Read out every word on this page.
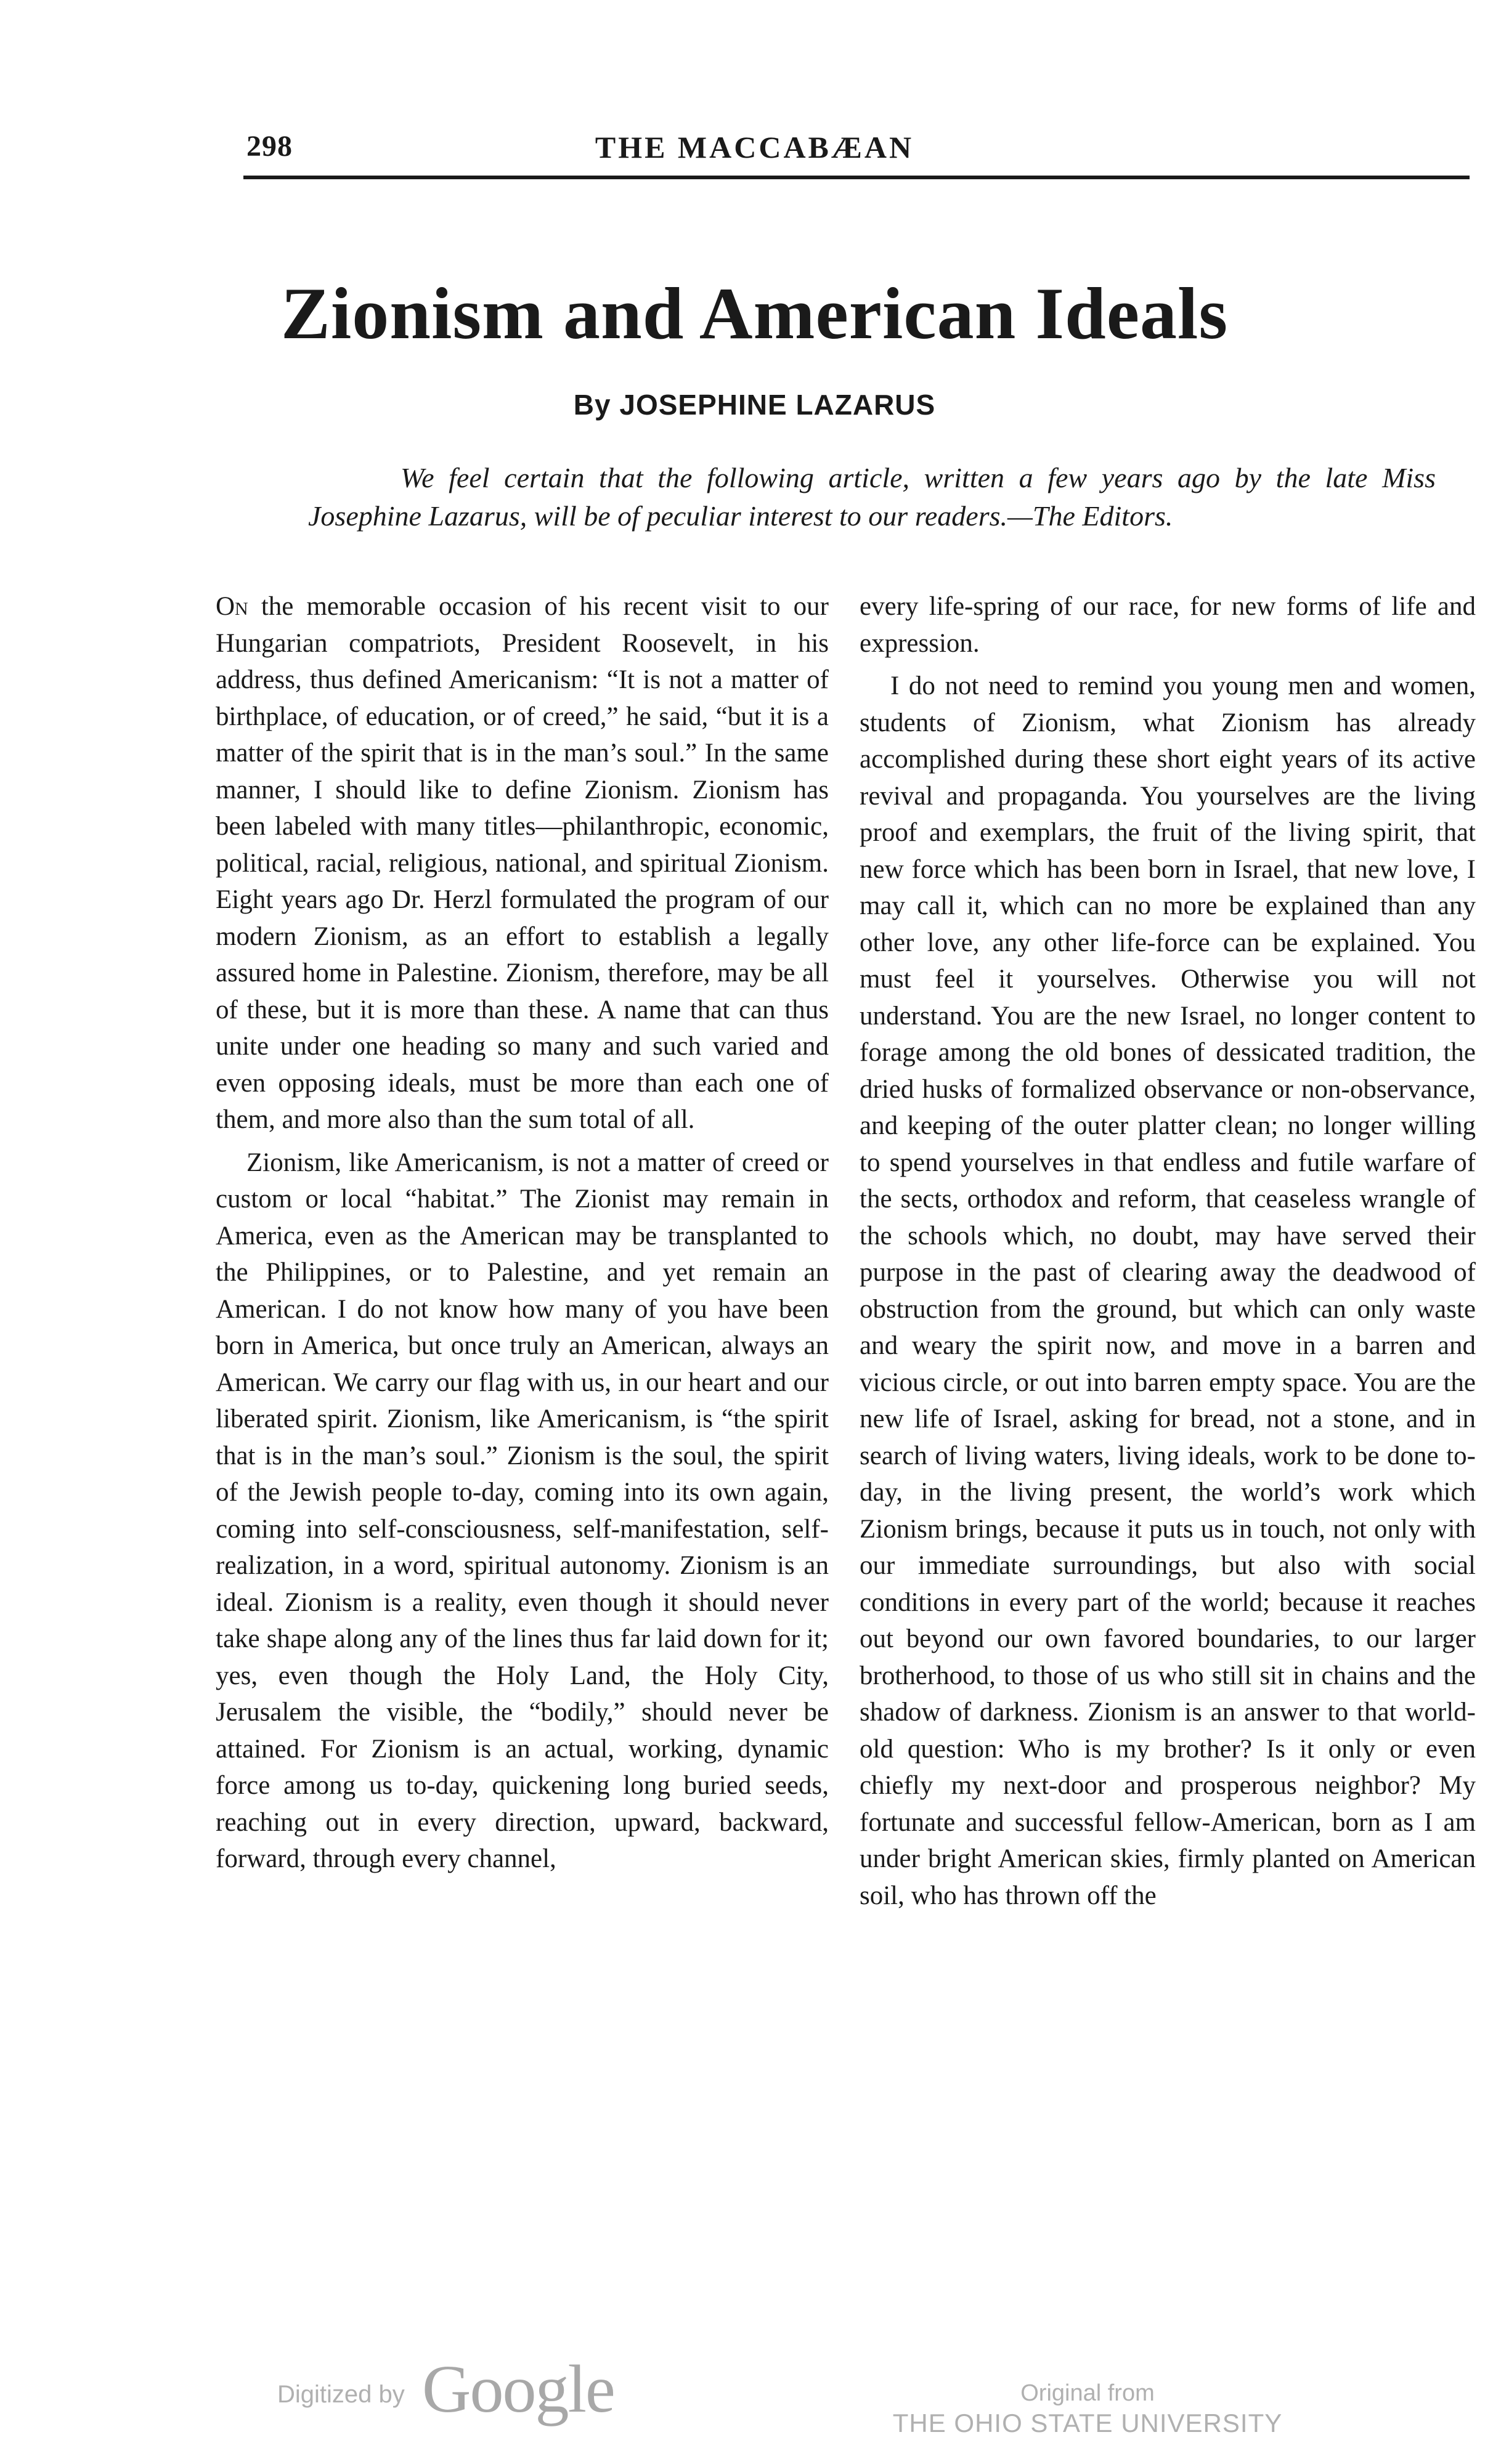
298	THE MACCABÆAN
Zionism and American Ideals
By JOSEPHINE LAZARUS
We feel certain that the following article, written a few years ago by the late Miss Josephine Lazarus, will be of peculiar interest to our readers.—The Editors.

On the memorable occasion of his recent visit to our Hungarian compatriots, President Roosevelt, in his address, thus defined Americanism: “It is not a matter of birthplace, of education, or of creed,” he said, “but it is a matter of the spirit that is in the man’s soul.” In the same manner, I should like to define Zionism. Zionism has been labeled with many titles—philanthropic, economic, political, racial, religious, national, and spiritual Zionism. Eight years ago Dr. Herzl formulated the program of our modern Zionism, as an effort to establish a legally assured home in Palestine. Zionism, therefore, may be all of these, but it is more than these. A name that can thus unite under one heading so many and such varied and even opposing ideals, must be more than each one of them, and more also than the sum total of all.

Zionism, like Americanism, is not a matter of creed or custom or local “habitat.” The Zionist may remain in America, even as the American may be transplanted to the Philippines, or to Palestine, and yet remain an American. I do not know how many of you have been born in America, but once truly an American, always an American. We carry our flag with us, in our heart and our liberated spirit. Zionism, like Americanism, is “the spirit that is in the man’s soul.” Zionism is the soul, the spirit of the Jewish people to-day, coming into its own again, coming into self-consciousness, self-manifestation, self-realization, in a word, spiritual autonomy. Zionism is an ideal. Zionism is a reality, even though it should never take shape along any of the lines thus far laid down for it; yes, even though the Holy Land, the Holy City, Jerusalem the visible, the “bodily,” should never be attained. For Zionism is an actual, working, dynamic force among us to-day, quickening long buried seeds, reaching out in every direction, upward, backward, forward, through every channel,

every life-spring of our race, for new forms of life and expression.

I do not need to remind you young men and women, students of Zionism, what Zionism has already accomplished during these short eight years of its active revival and propaganda. You yourselves are the living proof and exemplars, the fruit of the living spirit, that new force which has been born in Israel, that new love, I may call it, which can no more be explained than any other love, any other life-force can be explained. You must feel it yourselves. Otherwise you will not understand. You are the new Israel, no longer content to forage among the old bones of dessicated tradition, the dried husks of formalized observance or non-observance, and keeping of the outer platter clean; no longer willing to spend yourselves in that endless and futile warfare of the sects, orthodox and reform, that ceaseless wrangle of the schools which, no doubt, may have served their purpose in the past of clearing away the deadwood of obstruction from the ground, but which can only waste and weary the spirit now, and move in a barren and vicious circle, or out into barren empty space. You are the new life of Israel, asking for bread, not a stone, and in search of living waters, living ideals, work to be done to-day, in the living present, the world’s work which Zionism brings, because it puts us in touch, not only with our immediate surroundings, but also with social conditions in every part of the world; because it reaches out beyond our own favored boundaries, to our larger brotherhood, to those of us who still sit in chains and the shadow of darkness. Zionism is an answer to that world-old question: Who is my brother? Is it only or even chiefly my next-door and prosperous neighbor? My fortunate and successful fellow-American, born as I am under bright American skies, firmly planted on American soil, who has thrown off the

Digitized by Google	Original from
THE OHIO STATE UNIVERSITY
